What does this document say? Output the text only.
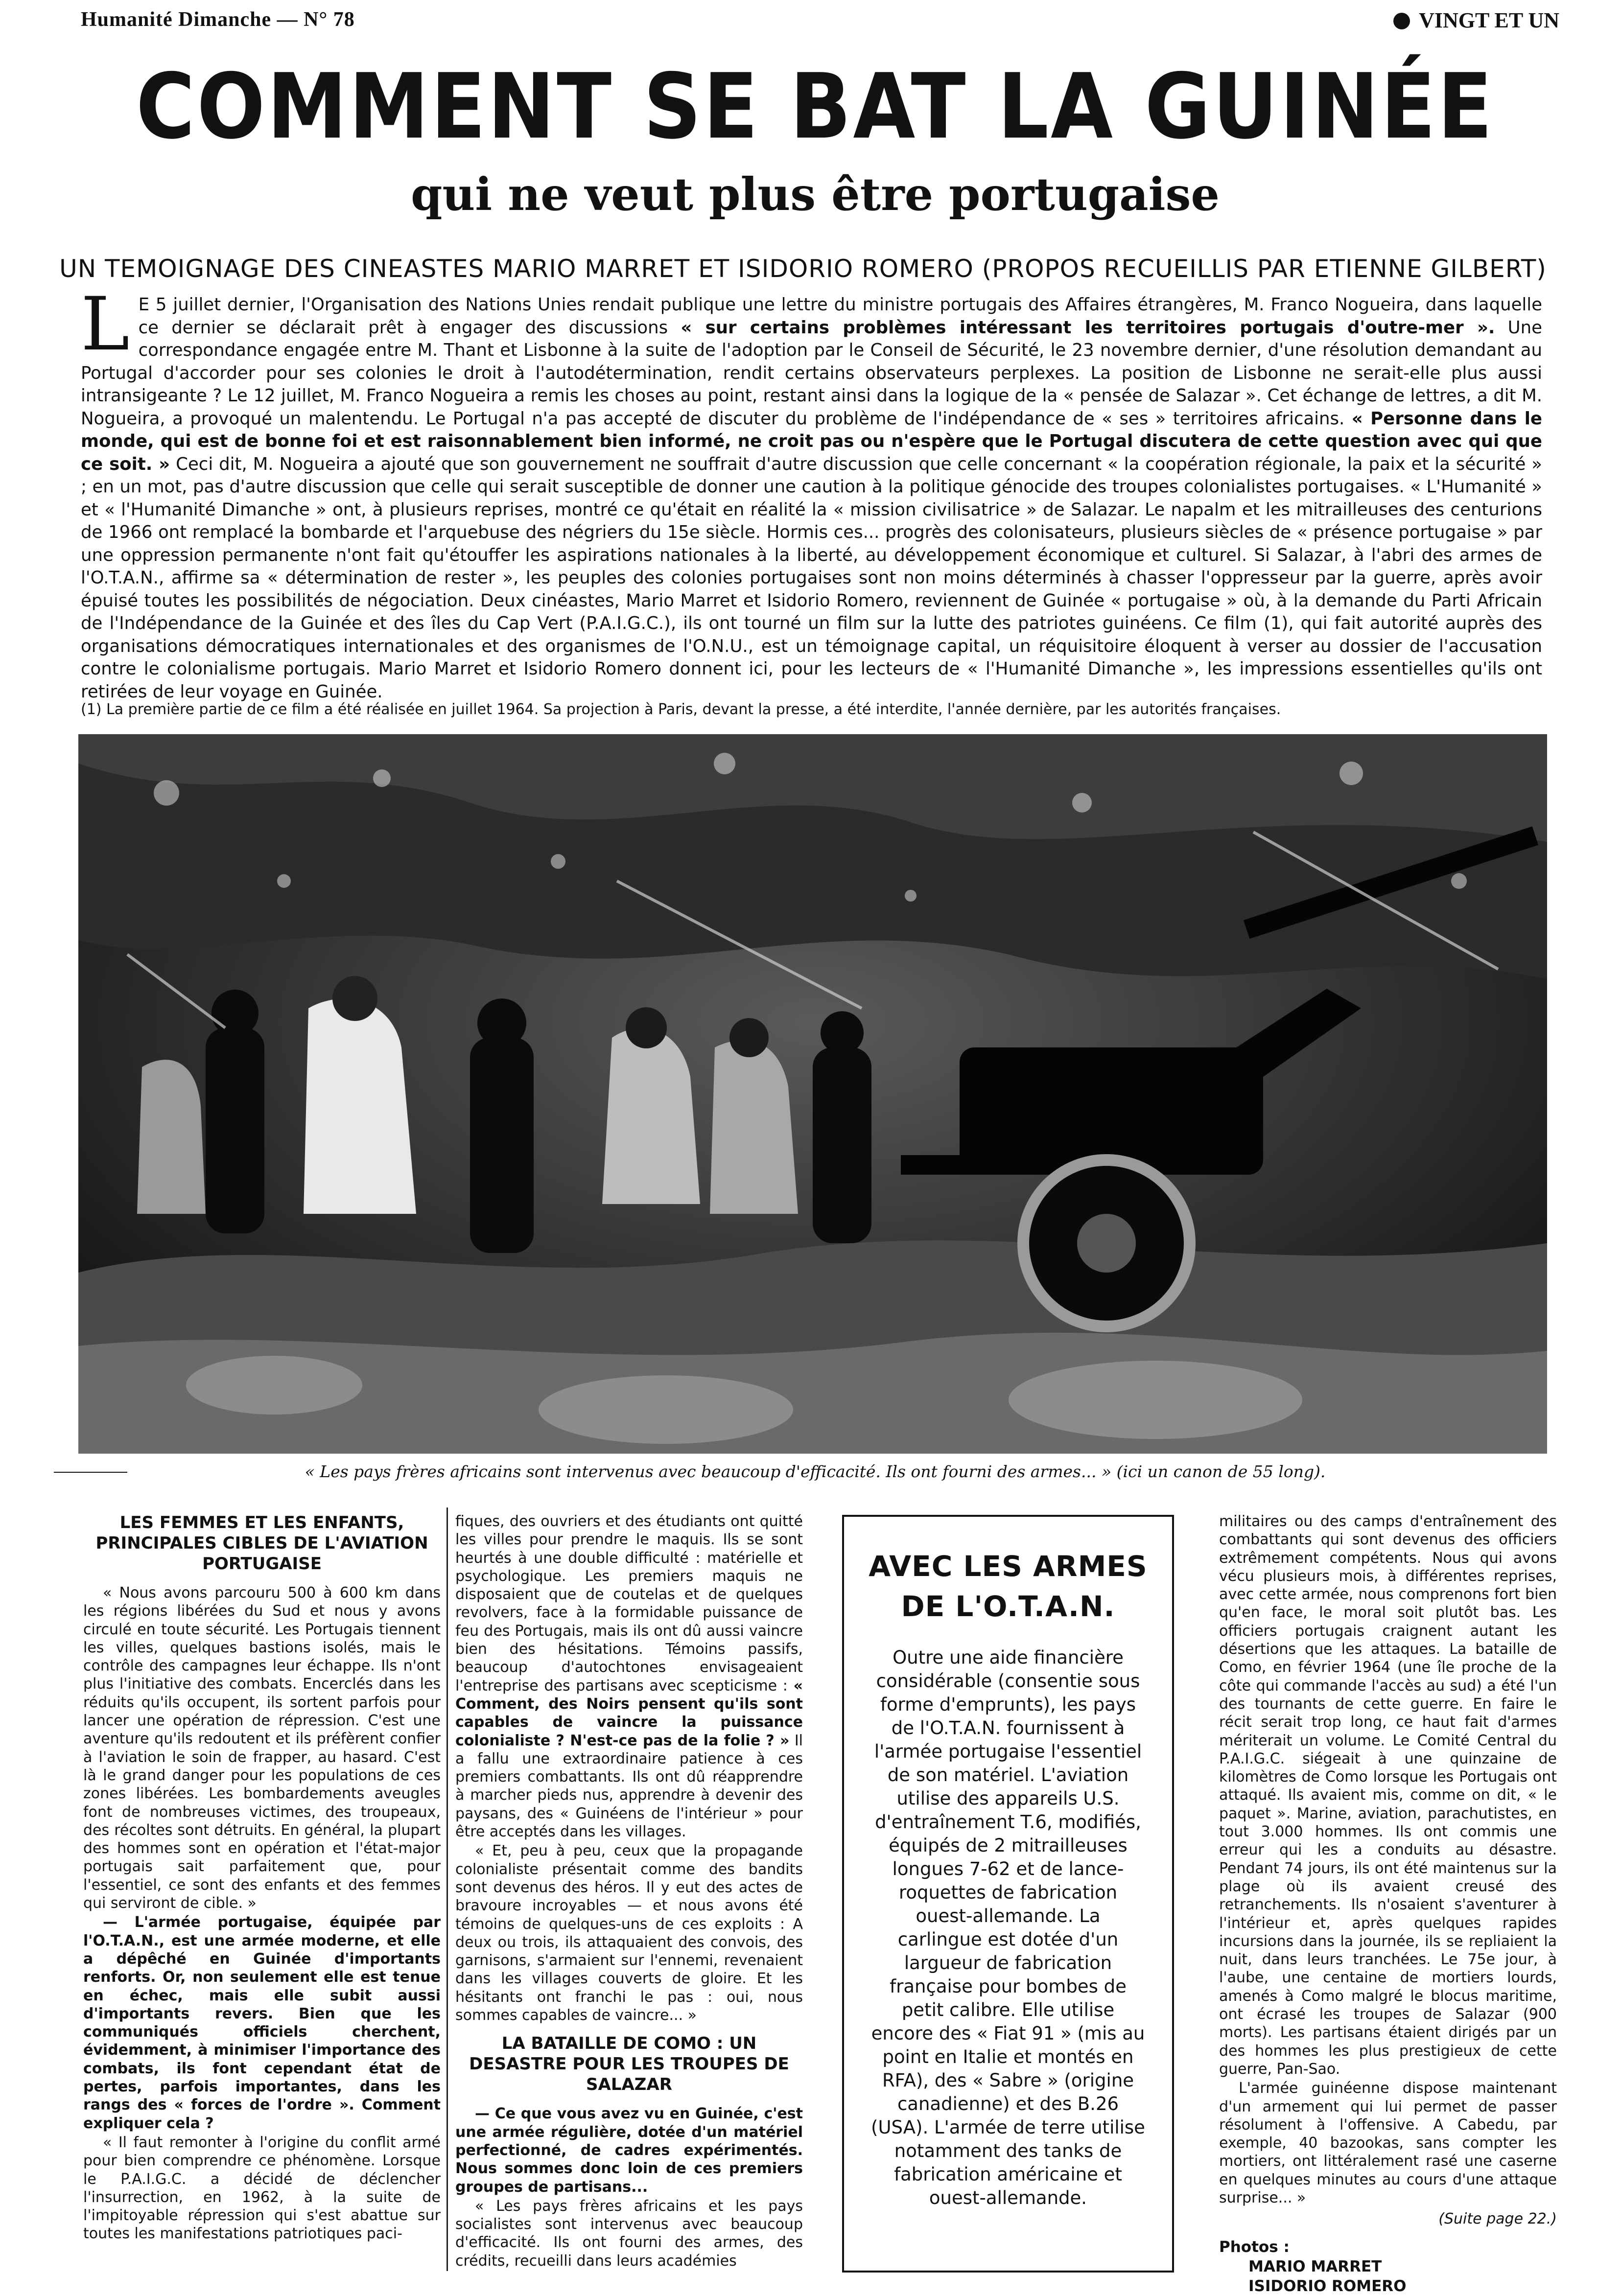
Humanité Dimanche — N° 78	VINGT ET UN
COMMENT SE BAT LA GUINÉE
qui ne veut plus être portugaise
UN TEMOIGNAGE DES CINEASTES MARIO MARRET ET ISIDORIO ROMERO (PROPOS RECUEILLIS PAR ETIENNE GILBERT)

L E 5 juillet dernier, l'Organisation des Nations Unies rendait publique une lettre du ministre portugais des Affaires étrangères, M. Franco Nogueira, dans laquelle ce dernier se déclarait prêt à engager des discussions « sur certains problèmes intéressant les territoires portugais d'outre-mer ». Une correspondance engagée entre M. Thant et Lisbonne à la suite de l'adoption par le Conseil de Sécurité, le 23 novembre dernier, d'une résolution demandant au Portugal d'accorder pour ses colonies le droit à l'autodétermination, rendit certains observateurs perplexes. La position de Lisbonne ne serait-elle plus aussi intransigeante ? Le 12 juillet, M. Franco Nogueira a remis les choses au point, restant ainsi dans la logique de la « pensée de Salazar ». Cet échange de lettres, a dit M. Nogueira, a provoqué un malentendu. Le Portugal n'a pas accepté de discuter du problème de l'indépendance de « ses » territoires africains. « Personne dans le monde, qui est de bonne foi et est raisonnablement bien informé, ne croit pas ou n'espère que le Portugal discutera de cette question avec qui que ce soit. » Ceci dit, M. Nogueira a ajouté que son gouvernement ne souffrait d'autre discussion que celle concernant « la coopération régionale, la paix et la sécurité » ; en un mot, pas d'autre discussion que celle qui serait susceptible de donner une caution à la politique génocide des troupes colonialistes portugaises. « L'Humanité » et « l'Humanité Dimanche » ont, à plusieurs reprises, montré ce qu'était en réalité la « mission civilisatrice » de Salazar. Le napalm et les mitrailleuses des centurions de 1966 ont remplacé la bombarde et l'arquebuse des négriers du 15e siècle. Hormis ces... progrès des colonisateurs, plusieurs siècles de « présence portugaise » par une oppression permanente n'ont fait qu'étouffer les aspirations nationales à la liberté, au développement économique et culturel. Si Salazar, à l'abri des armes de l'O.T.A.N., affirme sa « détermination de rester », les peuples des colonies portugaises sont non moins déterminés à chasser l'oppresseur par la guerre, après avoir épuisé toutes les possibilités de négociation. Deux cinéastes, Mario Marret et Isidorio Romero, reviennent de Guinée « portugaise » où, à la demande du Parti Africain de l'Indépendance de la Guinée et des îles du Cap Vert (P.A.I.G.C.), ils ont tourné un film sur la lutte des patriotes guinéens. Ce film (1), qui fait autorité auprès des organisations démocratiques internationales et des organismes de l'O.N.U., est un témoignage capital, un réquisitoire éloquent à verser au dossier de l'accusation contre le colonialisme portugais. Mario Marret et Isidorio Romero donnent ici, pour les lecteurs de « l'Humanité Dimanche », les impressions essentielles qu'ils ont retirées de leur voyage en Guinée.

(1) La première partie de ce film a été réalisée en juillet 1964. Sa projection à Paris, devant la presse, a été interdite, l'année dernière, par les autorités françaises.
« Les pays frères africains sont intervenus avec beaucoup d'efficacité. Ils ont fourni des armes... » (ici un canon de 55 long).
LES FEMMES ET LES ENFANTS, PRINCIPALES CIBLES DE L'AVIATION PORTUGAISE

« Nous avons parcouru 500 à 600 km dans les régions libérées du Sud et nous y avons circulé en toute sécurité. Les Portugais tiennent les villes, quelques bastions isolés, mais le contrôle des campagnes leur échappe. Ils n'ont plus l'initiative des combats. Encerclés dans les réduits qu'ils occupent, ils sortent parfois pour lancer une opération de répression. C'est une aventure qu'ils redoutent et ils préfèrent confier à l'aviation le soin de frapper, au hasard. C'est là le grand danger pour les populations de ces zones libérées. Les bombardements aveugles font de nombreuses victimes, des troupeaux, des récoltes sont détruits. En général, la plupart des hommes sont en opération et l'état-major portugais sait parfaitement que, pour l'essentiel, ce sont des enfants et des femmes qui serviront de cible. »

— L'armée portugaise, équipée par l'O.T.A.N., est une armée moderne, et elle a dépêché en Guinée d'importants renforts. Or, non seulement elle est tenue en échec, mais elle subit aussi d'importants revers. Bien que les communiqués officiels cherchent, évidemment, à minimiser l'importance des combats, ils font cependant état de pertes, parfois importantes, dans les rangs des « forces de l'ordre ». Comment expliquer cela ?

« Il faut remonter à l'origine du conflit armé pour bien comprendre ce phénomène. Lorsque le P.A.I.G.C. a décidé de déclencher l'insurrection, en 1962, à la suite de l'impitoyable répression qui s'est abattue sur toutes les manifestations patriotiques paci-

fiques, des ouvriers et des étudiants ont quitté les villes pour prendre le maquis. Ils se sont heurtés à une double difficulté : matérielle et psychologique. Les premiers maquis ne disposaient que de coutelas et de quelques revolvers, face à la formidable puissance de feu des Portugais, mais ils ont dû aussi vaincre bien des hésitations. Témoins passifs, beaucoup d'autochtones envisageaient l'entreprise des partisans avec scepticisme : « Comment, des Noirs pensent qu'ils sont capables de vaincre la puissance colonialiste ? N'est-ce pas de la folie ? » Il a fallu une extraordinaire patience à ces premiers combattants. Ils ont dû réapprendre à marcher pieds nus, apprendre à devenir des paysans, des « Guinéens de l'intérieur » pour être acceptés dans les villages.

« Et, peu à peu, ceux que la propagande colonialiste présentait comme des bandits sont devenus des héros. Il y eut des actes de bravoure incroyables — et nous avons été témoins de quelques-uns de ces exploits : A deux ou trois, ils attaquaient des convois, des garnisons, s'armaient sur l'ennemi, revenaient dans les villages couverts de gloire. Et les hésitants ont franchi le pas : oui, nous sommes capables de vaincre... »

LA BATAILLE DE COMO : UN DESASTRE POUR LES TROUPES DE SALAZAR

— Ce que vous avez vu en Guinée, c'est une armée régulière, dotée d'un matériel perfectionné, de cadres expérimentés. Nous sommes donc loin de ces premiers groupes de partisans...

« Les pays frères africains et les pays socialistes sont intervenus avec beaucoup d'efficacité. Ils ont fourni des armes, des crédits, recueilli dans leurs académies

AVEC LES ARMES DE L'O.T.A.N.
Outre une aide financière considérable (consentie sous forme d'emprunts), les pays de l'O.T.A.N. fournissent à l'armée portugaise l'essentiel de son matériel. L'aviation utilise des appareils U.S. d'entraînement T.6, modifiés, équipés de 2 mitrailleuses longues 7-62 et de lance-roquettes de fabrication ouest-allemande. La carlingue est dotée d'un largueur de fabrication française pour bombes de petit calibre. Elle utilise encore des « Fiat 91 » (mis au point en Italie et montés en RFA), des « Sabre » (origine canadienne) et des B.26 (USA). L'armée de terre utilise notamment des tanks de fabrication américaine et ouest-allemande.

militaires ou des camps d'entraînement des combattants qui sont devenus des officiers extrêmement compétents. Nous qui avons vécu plusieurs mois, à différentes reprises, avec cette armée, nous comprenons fort bien qu'en face, le moral soit plutôt bas. Les officiers portugais craignent autant les désertions que les attaques. La bataille de Como, en février 1964 (une île proche de la côte qui commande l'accès au sud) a été l'un des tournants de cette guerre. En faire le récit serait trop long, ce haut fait d'armes mériterait un volume. Le Comité Central du P.A.I.G.C. siégeait à une quinzaine de kilomètres de Como lorsque les Portugais ont attaqué. Ils avaient mis, comme on dit, « le paquet ». Marine, aviation, parachutistes, en tout 3.000 hommes. Ils ont commis une erreur qui les a conduits au désastre. Pendant 74 jours, ils ont été maintenus sur la plage où ils avaient creusé des retranchements. Ils n'osaient s'aventurer à l'intérieur et, après quelques rapides incursions dans la journée, ils se repliaient la nuit, dans leurs tranchées. Le 75e jour, à l'aube, une centaine de mortiers lourds, amenés à Como malgré le blocus maritime, ont écrasé les troupes de Salazar (900 morts). Les partisans étaient dirigés par un des hommes les plus prestigieux de cette guerre, Pan-Sao.

L'armée guinéenne dispose maintenant d'un armement qui lui permet de passer résolument à l'offensive. A Cabedu, par exemple, 40 bazookas, sans compter les mortiers, ont littéralement rasé une caserne en quelques minutes au cours d'une attaque surprise... »

(Suite page 22.)
Photos :
MARIO MARRET
ISIDORIO ROMERO
